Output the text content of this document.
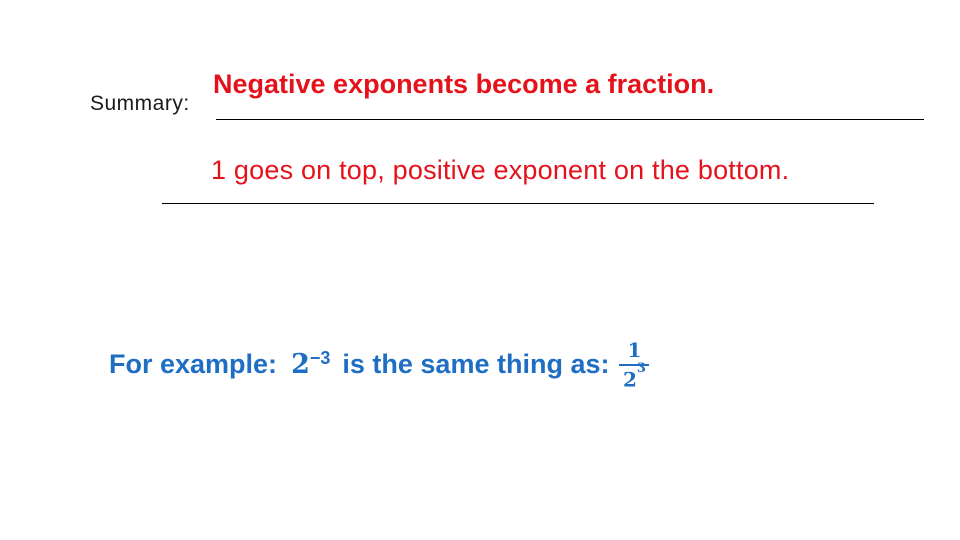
Summary:
Negative exponents become a fraction.
1 goes on top, positive exponent on the bottom.
For example: $2^{-3}$ is the same thing as: $\frac{1}{2^3}$
